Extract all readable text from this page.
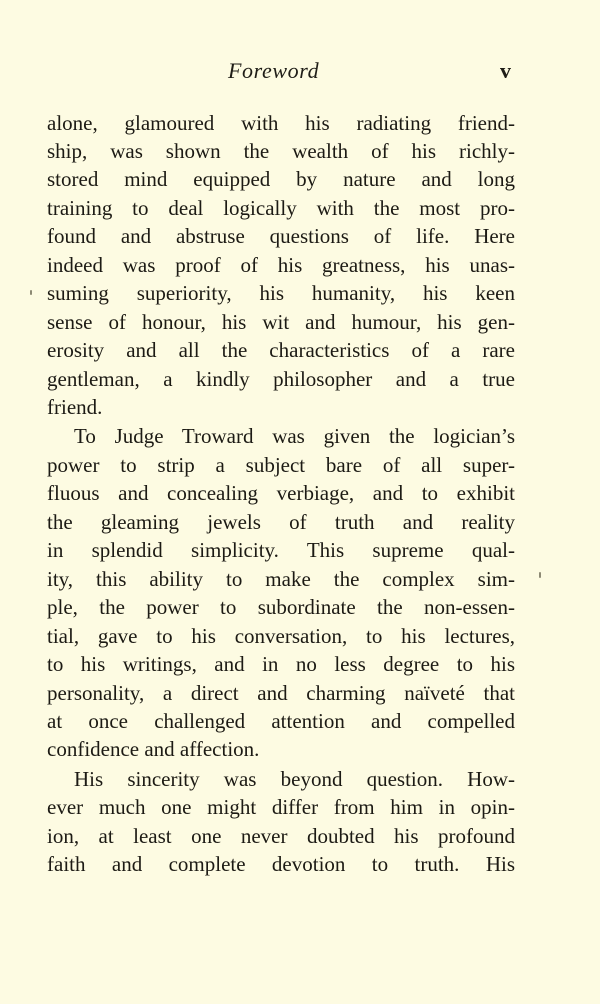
Foreword	v
alone, glamoured with his radiating friend-
ship, was shown the wealth of his richly-
stored mind equipped by nature and long
training to deal logically with the most pro-
found and abstruse questions of life. Here
indeed was proof of his greatness, his unas-
suming superiority, his humanity, his keen
sense of honour, his wit and humour, his gen-
erosity and all the characteristics of a rare
gentleman, a kindly philosopher and a true
friend.
To Judge Troward was given the logician’s
power to strip a subject bare of all super-
fluous and concealing verbiage, and to exhibit
the gleaming jewels of truth and reality
in splendid simplicity. This supreme qual-
ity, this ability to make the complex sim-
ple, the power to subordinate the non-essen-
tial, gave to his conversation, to his lectures,
to his writings, and in no less degree to his
personality, a direct and charming naïveté that
at once challenged attention and compelled
confidence and affection.
His sincerity was beyond question. How-
ever much one might differ from him in opin-
ion, at least one never doubted his profound
faith and complete devotion to truth. His
